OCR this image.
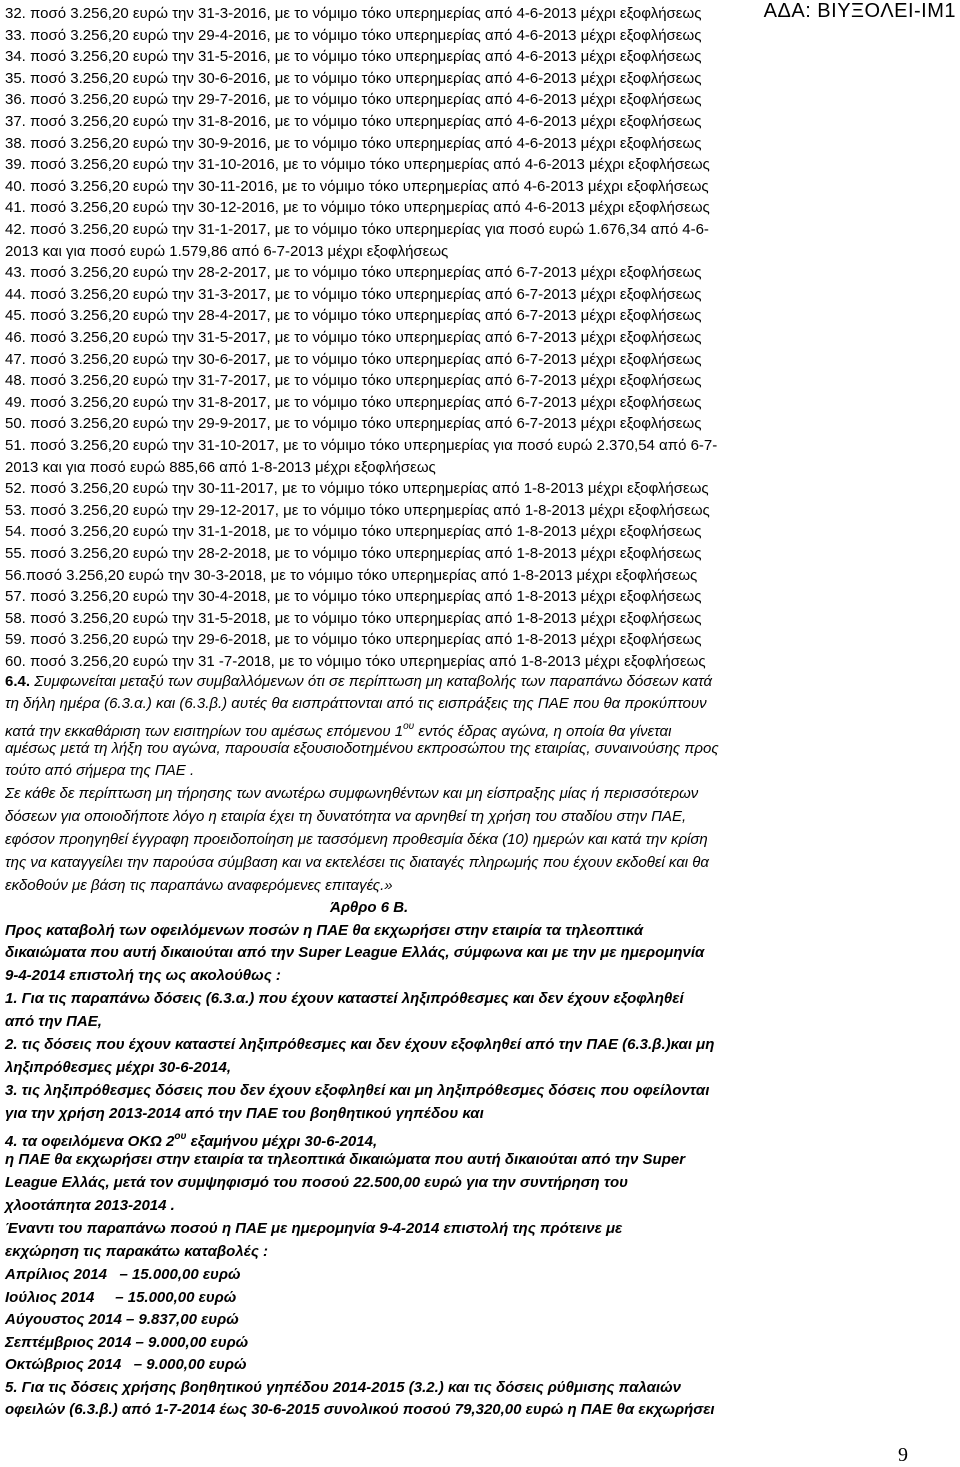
ΑΔΑ: ΒΙΥΞΟΛΕΙ-ΙΜ1
32. ποσό 3.256,20 ευρώ την 31-3-2016, με το νόμιμο τόκο υπερημερίας από 4-6-2013 μέχρι εξοφλήσεως
33. ποσό 3.256,20 ευρώ την 29-4-2016, με το νόμιμο τόκο υπερημερίας από 4-6-2013 μέχρι εξοφλήσεως
34. ποσό 3.256,20 ευρώ την 31-5-2016, με το νόμιμο τόκο υπερημερίας από 4-6-2013 μέχρι εξοφλήσεως
35. ποσό 3.256,20 ευρώ την 30-6-2016, με το νόμιμο τόκο υπερημερίας από 4-6-2013 μέχρι εξοφλήσεως
36. ποσό 3.256,20 ευρώ την 29-7-2016, με το νόμιμο τόκο υπερημερίας από 4-6-2013 μέχρι εξοφλήσεως
37. ποσό 3.256,20 ευρώ την 31-8-2016, με το νόμιμο τόκο υπερημερίας από 4-6-2013 μέχρι εξοφλήσεως
38. ποσό 3.256,20 ευρώ την 30-9-2016, με το νόμιμο τόκο υπερημερίας από 4-6-2013 μέχρι εξοφλήσεως
39. ποσό 3.256,20 ευρώ την 31-10-2016, με το νόμιμο τόκο υπερημερίας από 4-6-2013 μέχρι εξοφλήσεως
40. ποσό 3.256,20 ευρώ την 30-11-2016, με το νόμιμο τόκο υπερημερίας από 4-6-2013 μέχρι εξοφλήσεως
41. ποσό 3.256,20 ευρώ την 30-12-2016, με το νόμιμο τόκο υπερημερίας από 4-6-2013 μέχρι εξοφλήσεως
42. ποσό 3.256,20 ευρώ την 31-1-2017, με το νόμιμο τόκο υπερημερίας για ποσό ευρώ 1.676,34 από 4-6-
2013 και για ποσό ευρώ 1.579,86 από 6-7-2013 μέχρι εξοφλήσεως
43. ποσό 3.256,20 ευρώ την 28-2-2017, με το νόμιμο τόκο υπερημερίας από 6-7-2013 μέχρι εξοφλήσεως
44. ποσό 3.256,20 ευρώ την 31-3-2017, με το νόμιμο τόκο υπερημερίας από 6-7-2013 μέχρι εξοφλήσεως
45. ποσό 3.256,20 ευρώ την 28-4-2017, με το νόμιμο τόκο υπερημερίας από 6-7-2013 μέχρι εξοφλήσεως
46. ποσό 3.256,20 ευρώ την 31-5-2017, με το νόμιμο τόκο υπερημερίας από 6-7-2013 μέχρι εξοφλήσεως
47. ποσό 3.256,20 ευρώ την 30-6-2017, με το νόμιμο τόκο υπερημερίας από 6-7-2013 μέχρι εξοφλήσεως
48. ποσό 3.256,20 ευρώ την 31-7-2017, με το νόμιμο τόκο υπερημερίας από 6-7-2013 μέχρι εξοφλήσεως
49. ποσό 3.256,20 ευρώ την 31-8-2017, με το νόμιμο τόκο υπερημερίας από 6-7-2013 μέχρι εξοφλήσεως
50. ποσό 3.256,20 ευρώ την 29-9-2017, με το νόμιμο τόκο υπερημερίας από 6-7-2013 μέχρι εξοφλήσεως
51. ποσό 3.256,20 ευρώ την 31-10-2017, με το νόμιμο τόκο υπερημερίας για ποσό ευρώ 2.370,54 από 6-7-
2013 και για ποσό ευρώ 885,66 από 1-8-2013 μέχρι εξοφλήσεως
52. ποσό 3.256,20 ευρώ την 30-11-2017, με το νόμιμο τόκο υπερημερίας από 1-8-2013 μέχρι εξοφλήσεως
53. ποσό 3.256,20 ευρώ την 29-12-2017, με το νόμιμο τόκο υπερημερίας από 1-8-2013 μέχρι εξοφλήσεως
54. ποσό 3.256,20 ευρώ την 31-1-2018, με το νόμιμο τόκο υπερημερίας από 1-8-2013 μέχρι εξοφλήσεως
55. ποσό 3.256,20 ευρώ την 28-2-2018, με το νόμιμο τόκο υπερημερίας από 1-8-2013 μέχρι εξοφλήσεως
56.ποσό 3.256,20 ευρώ την 30-3-2018, με το νόμιμο τόκο υπερημερίας από 1-8-2013 μέχρι εξοφλήσεως
57. ποσό 3.256,20 ευρώ την 30-4-2018, με το νόμιμο τόκο υπερημερίας από 1-8-2013 μέχρι εξοφλήσεως
58. ποσό 3.256,20 ευρώ την 31-5-2018, με το νόμιμο τόκο υπερημερίας από 1-8-2013 μέχρι εξοφλήσεως
59. ποσό 3.256,20 ευρώ την 29-6-2018, με το νόμιμο τόκο υπερημερίας από 1-8-2013 μέχρι εξοφλήσεως
60. ποσό 3.256,20 ευρώ την 31 -7-2018, με το νόμιμο τόκο υπερημερίας από 1-8-2013 μέχρι εξοφλήσεως
6.4. Συμφωνείται μεταξύ των συμβαλλόμενων ότι σε περίπτωση μη καταβολής των παραπάνω δόσεων κατά
τη δήλη ημέρα (6.3.α.) και (6.3.β.) αυτές θα εισπράττονται από τις εισπράξεις της ΠΑΕ που θα προκύπτουν
κατά την εκκαθάριση των εισιτηρίων του αμέσως επόμενου $1^{o\upsilon}$ εντός έδρας αγώνα, η οποία θα γίνεται
αμέσως μετά τη λήξη του αγώνα, παρουσία εξουσιοδοτημένου εκπροσώπου της εταιρίας, συναινούσης προς
τούτο από σήμερα της ΠΑΕ .
Σε κάθε δε περίπτωση μη τήρησης των ανωτέρω συμφωνηθέντων και μη είσπραξης μίας ή περισσότερων
δόσεων για οποιοδήποτε λόγο η εταιρία έχει τη δυνατότητα να αρνηθεί τη χρήση του σταδίου στην ΠΑΕ,
εφόσον προηγηθεί έγγραφη προειδοποίηση με τασσόμενη προθεσμία δέκα (10) ημερών και κατά την κρίση
της να καταγγείλει την παρούσα σύμβαση και να εκτελέσει τις διαταγές πληρωμής που έχουν εκδοθεί και θα
εκδοθούν με βάση τις παραπάνω αναφερόμενες επιταγές.»
Άρθρο 6 Β.
Προς καταβολή των οφειλόμενων ποσών η ΠΑΕ θα εκχωρήσει στην εταιρία τα τηλεοπτικά
δικαιώματα που αυτή δικαιούται από την Super League Ελλάς, σύμφωνα και με την με ημερομηνία
9-4-2014 επιστολή της ως ακολούθως :
1. Για τις παραπάνω δόσεις (6.3.α.) που έχουν καταστεί ληξιπρόθεσμες και δεν έχουν εξοφληθεί
από την ΠΑΕ,
2. τις δόσεις που έχουν καταστεί ληξιπρόθεσμες και δεν έχουν εξοφληθεί από την ΠΑΕ (6.3.β.)και μη
ληξιπρόθεσμες μέχρι 30-6-2014,
3. τις ληξιπρόθεσμες δόσεις που δεν έχουν εξοφληθεί και μη ληξιπρόθεσμες δόσεις που οφείλονται
για την χρήση 2013-2014 από την ΠΑΕ του βοηθητικού γηπέδου και
4. τα οφειλόμενα ΟΚΩ $2^{o\upsilon}$ εξαμήνου μέχρι 30-6-2014,
η ΠΑΕ θα εκχωρήσει στην εταιρία τα τηλεοπτικά δικαιώματα που αυτή δικαιούται από την Super
League Ελλάς, μετά τον συμψηφισμό του ποσού 22.500,00 ευρώ για την συντήρηση του
χλοοτάπητα 2013-2014 .
Έναντι του παραπάνω ποσού η ΠΑΕ με ημερομηνία 9-4-2014 επιστολή της πρότεινε με
εκχώρηση τις παρακάτω καταβολές :
Απρίλιος 2014   – 15.000,00 ευρώ
Ιούλιος 2014     – 15.000,00 ευρώ
Αύγουστος 2014 – 9.837,00 ευρώ
Σεπτέμβριος 2014 – 9.000,00 ευρώ
Οκτώβριος 2014   – 9.000,00 ευρώ
5. Για τις δόσεις χρήσης βοηθητικού γηπέδου 2014-2015 (3.2.) και τις δόσεις ρύθμισης παλαιών
οφειλών (6.3.β.) από 1-7-2014 έως 30-6-2015 συνολικού ποσού 79,320,00 ευρώ η ΠΑΕ θα εκχωρήσει
9
